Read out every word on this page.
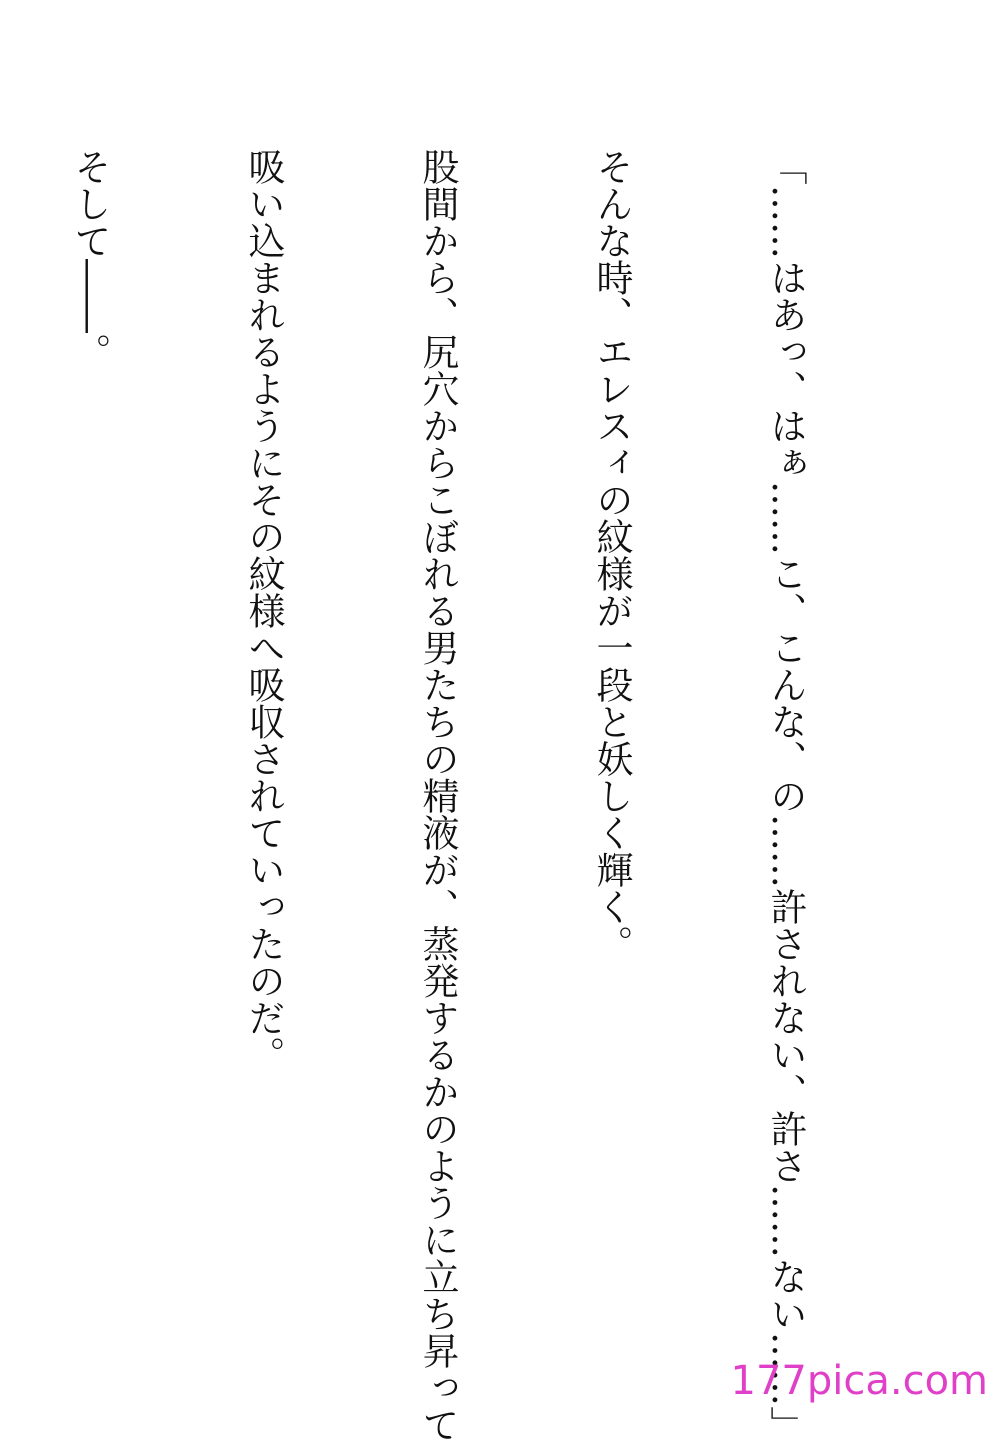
「……はあっ、はぁ……こ、こんな、の……許されない、許さ……ない……」

そんな時、エレスィの紋様が一段と妖しく輝く。

股間から、尻穴からこぼれる男たちの精液が、蒸発するかのように立ち昇って

吸い込まれるようにその紋様へ吸収されていったのだ。

そして――。

177pica.com
